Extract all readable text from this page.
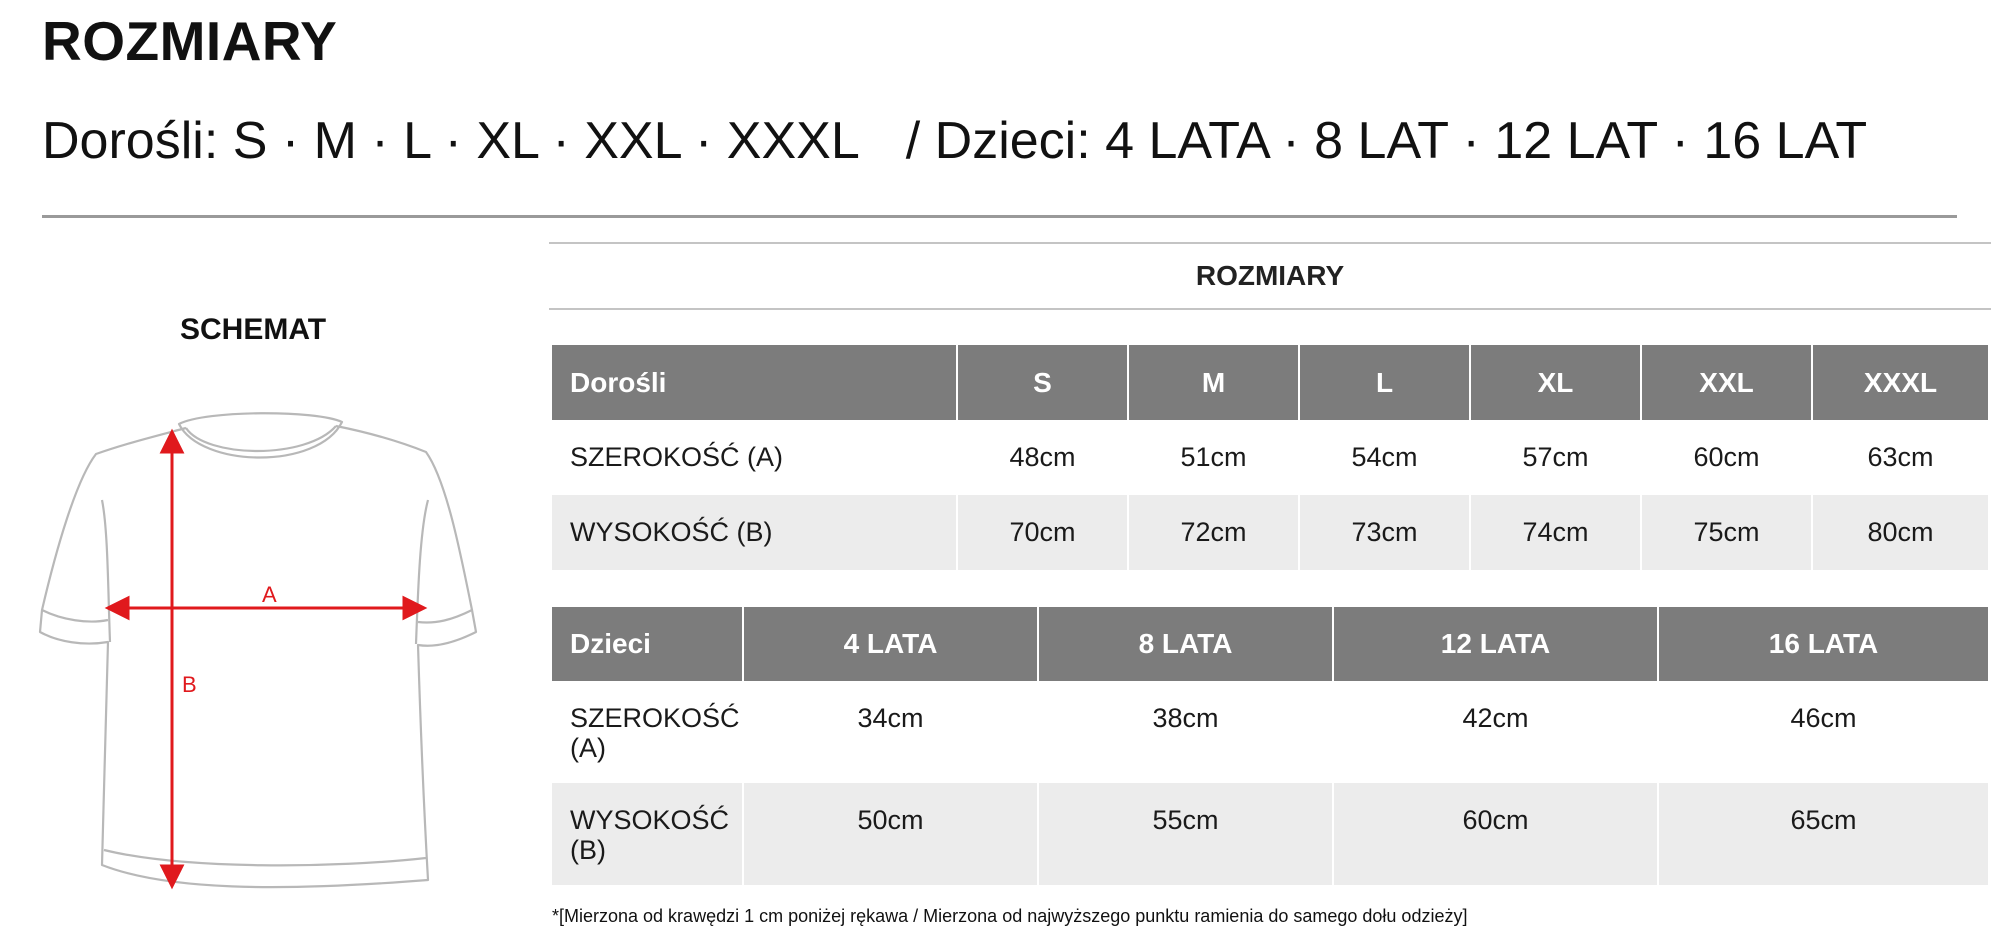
ROZMIARY
Dorośli: S · M · L · XL · XXL · XXXL / Dzieci: 4 LATA · 8 LAT · 12 LAT · 16 LAT
SCHEMAT
A
B
ROZMIARY
Dorośli	S	M	L	XL	XXL	XXXL
SZEROKOŚĆ (A)	48cm	51cm	54cm	57cm	60cm	63cm
WYSOKOŚĆ (B)	70cm	72cm	73cm	74cm	75cm	80cm
Dzieci	4 LATA	8 LATA	12 LATA	16 LATA
SZEROKOŚĆ (A)	34cm	38cm	42cm	46cm
WYSOKOŚĆ (B)	50cm	55cm	60cm	65cm
*[Mierzona od krawędzi 1 cm poniżej rękawa / Mierzona od najwyższego punktu ramienia do samego dołu odzieży]
